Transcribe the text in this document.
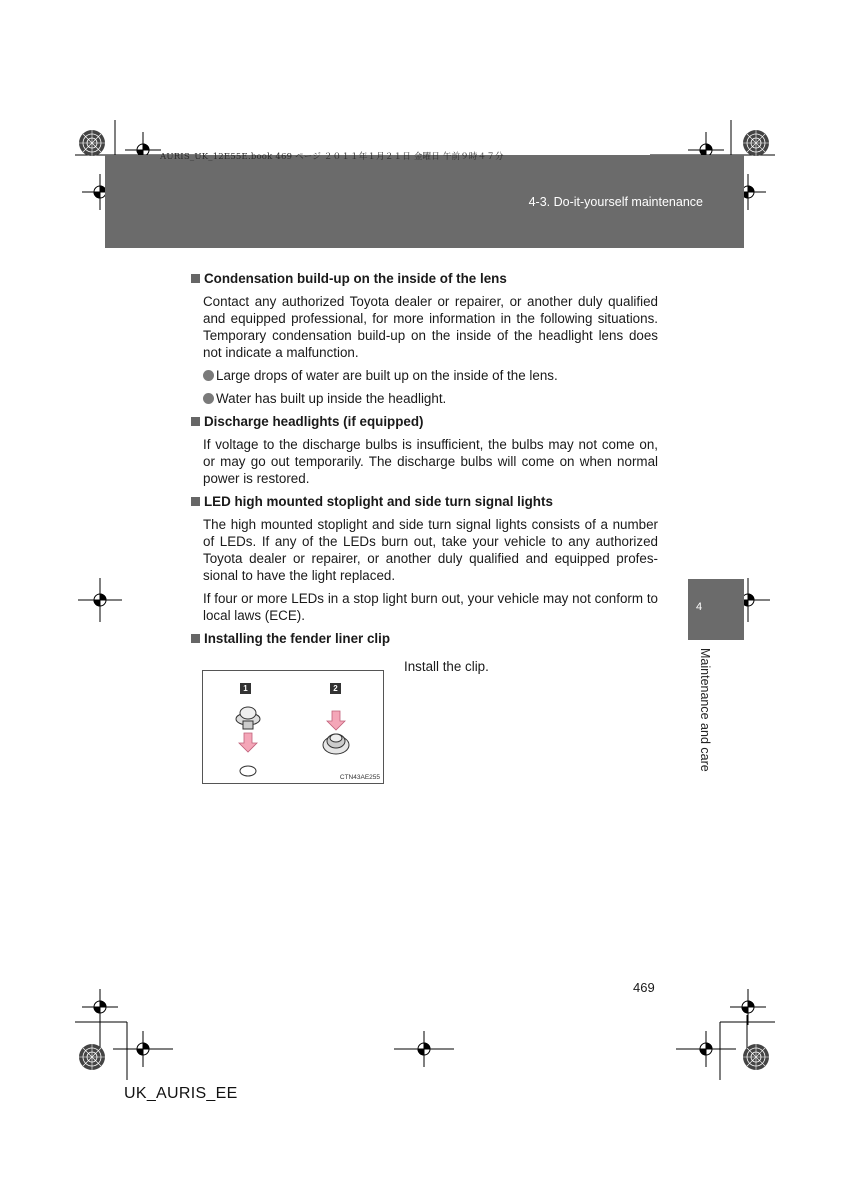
AURIS_UK_12E55E.book 469 ページ ２０１１年１月２１日 金曜日 午前９時４７分
4-3. Do-it-yourself maintenance
Condensation build-up on the inside of the lens

Contact any authorized Toyota dealer or repairer, or another duly qualified and equipped professional, for more information in the following situations. Temporary condensation build-up on the inside of the headlight lens does not indicate a malfunction.

Large drops of water are built up on the inside of the lens.
Water has built up inside the headlight.
Discharge headlights (if equipped)

If voltage to the discharge bulbs is insufficient, the bulbs may not come on, or may go out temporarily. The discharge bulbs will come on when normal power is restored.

LED high mounted stoplight and side turn signal lights

The high mounted stoplight and side turn signal lights consists of a number of LEDs. If any of the LEDs burn out, take your vehicle to any authorized Toyota dealer or repairer, or another duly qualified and equipped profes-sional to have the light replaced.

If four or more LEDs in a stop light burn out, your vehicle may not conform to local laws (ECE).

Installing the fender liner clip
1	2
CTN43AE255
Install the clip.
4
Maintenance and care
469
UK_AURIS_EE
